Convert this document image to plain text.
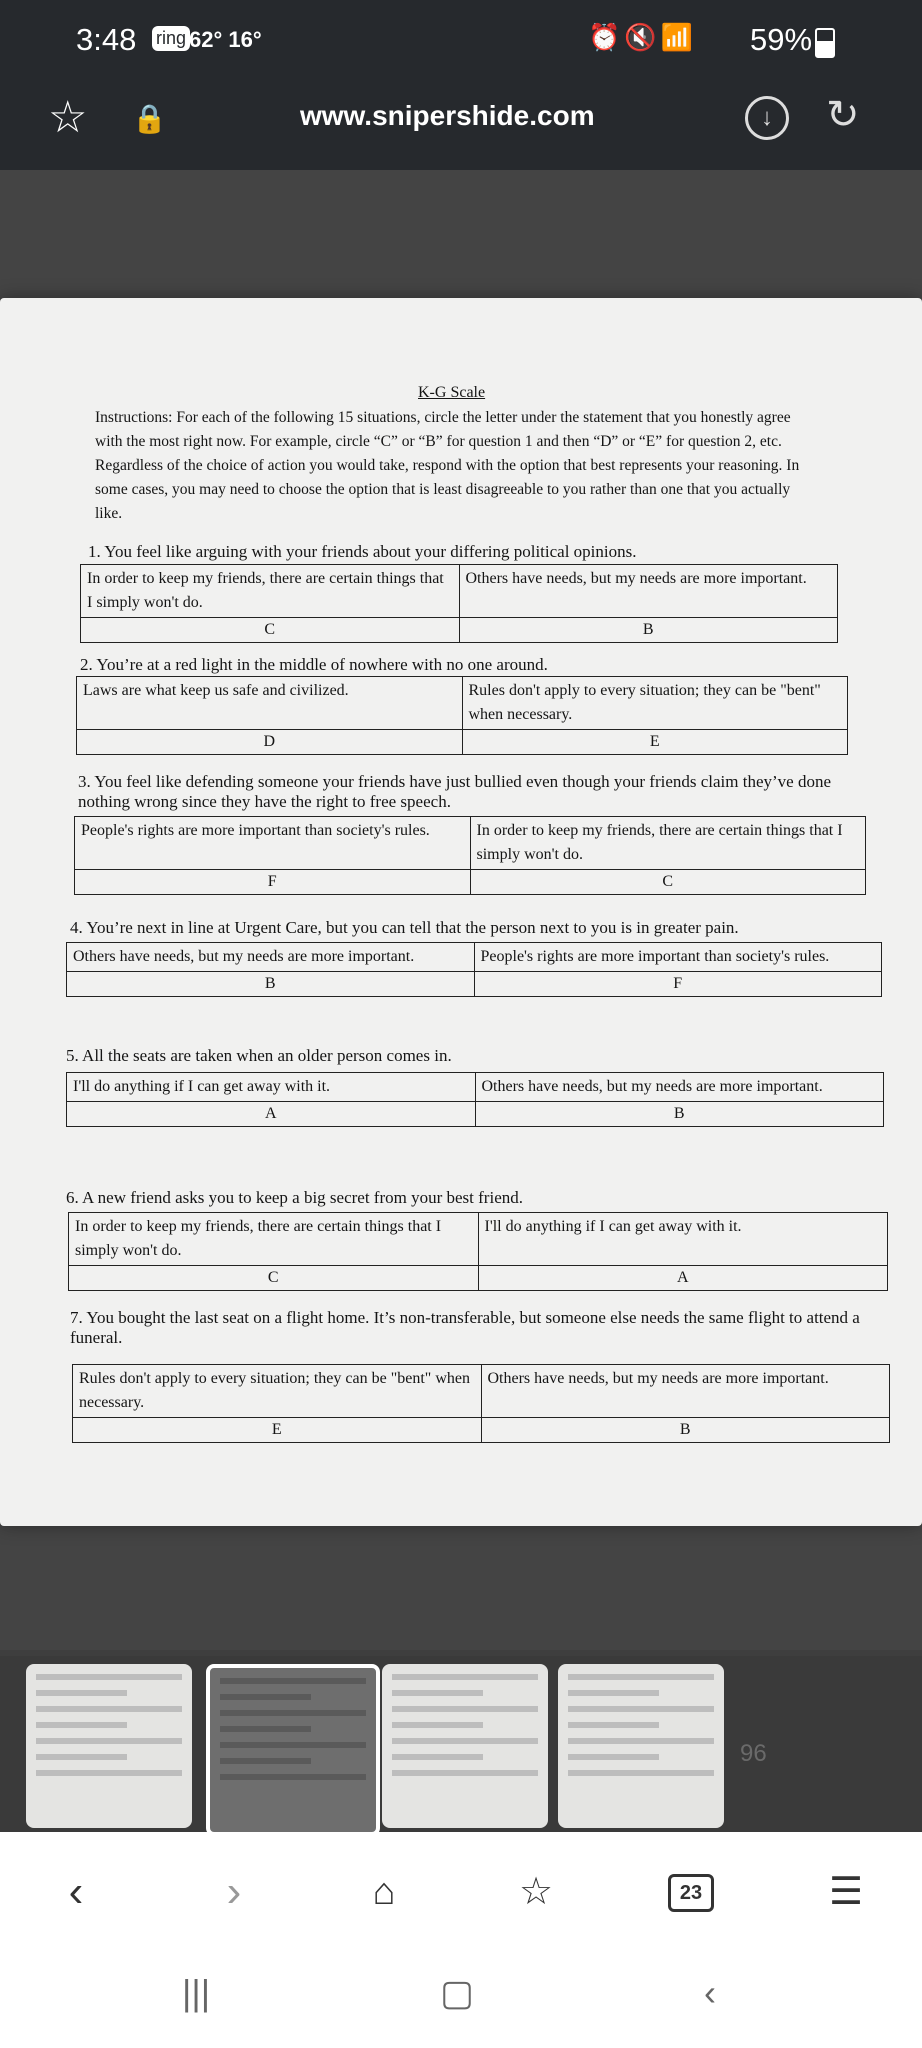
3:48 ring 62° 16°	⏰🔇📶 59%
☆ 🔒	www.snipershide.com	↓	↻
K-G Scale
Instructions: For each of the following 15 situations, circle the letter under the statement that you honestly agree with the most right now. For example, circle “C” or “B” for question 1 and then “D” or “E” for question 2, etc. Regardless of the choice of action you would take, respond with the option that best represents your reasoning. In some cases, you may need to choose the option that is least disagreeable to you rather than one that you actually like.
1. You feel like arguing with your friends about your differing political opinions.
In order to keep my friends, there are certain things that I simply won't do.	Others have needs, but my needs are more important.
C	B
2. You’re at a red light in the middle of nowhere with no one around.
Laws are what keep us safe and civilized.	Rules don't apply to every situation; they can be "bent" when necessary.
D	E
3. You feel like defending someone your friends have just bullied even though your friends claim they’ve done nothing wrong since they have the right to free speech.
People's rights are more important than society's rules.	In order to keep my friends, there are certain things that I simply won't do.
F	C
4. You’re next in line at Urgent Care, but you can tell that the person next to you is in greater pain.
Others have needs, but my needs are more important.	People's rights are more important than society's rules.
B	F
5. All the seats are taken when an older person comes in.
I'll do anything if I can get away with it.	Others have needs, but my needs are more important.
A	B
6. A new friend asks you to keep a big secret from your best friend.
In order to keep my friends, there are certain things that I simply won't do.	I'll do anything if I can get away with it.
C	A
7. You bought the last seat on a flight home. It’s non-transferable, but someone else needs the same flight to attend a funeral.
Rules don't apply to every situation; they can be "bent" when necessary.	Others have needs, but my needs are more important.
E	B
96
‹	›	⌂	☆	23	☰
|||	▢	‹
